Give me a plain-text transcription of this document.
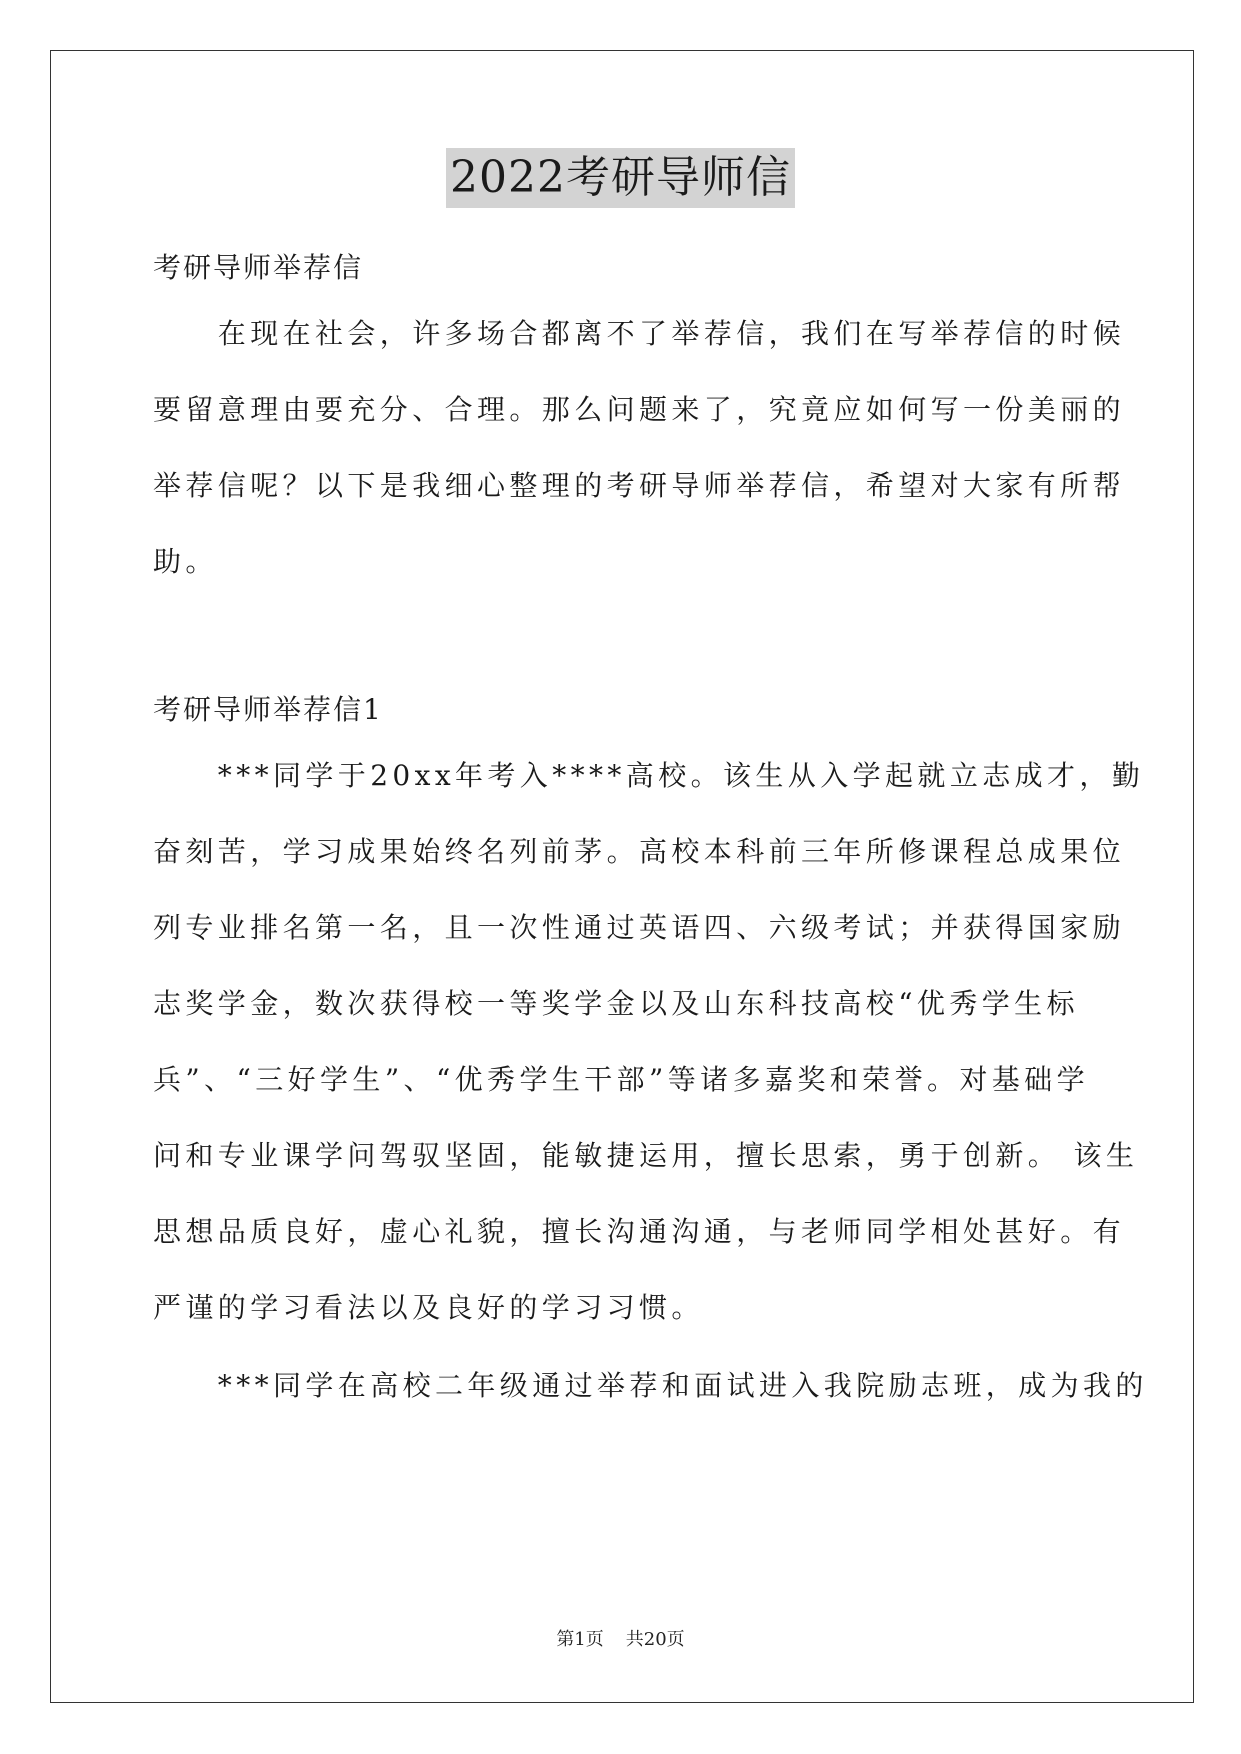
2022考研导师信
考研导师举荐信
　　在现在社会，许多场合都离不了举荐信，我们在写举荐信的时候
要留意理由要充分、合理。那么问题来了，究竟应如何写一份美丽的
举荐信呢？以下是我细心整理的考研导师举荐信，希望对大家有所帮
助。
考研导师举荐信1
　　***同学于20xx年考入****高校。该生从入学起就立志成才，勤
奋刻苦，学习成果始终名列前茅。高校本科前三年所修课程总成果位
列专业排名第一名，且一次性通过英语四、六级考试；并获得国家励
志奖学金，数次获得校一等奖学金以及山东科技高校“优秀学生标
兵”、“三好学生”、“优秀学生干部”等诸多嘉奖和荣誉。对基础学
问和专业课学问驾驭坚固，能敏捷运用，擅长思索，勇于创新。 该生
思想品质良好，虚心礼貌，擅长沟通沟通，与老师同学相处甚好。有
严谨的学习看法以及良好的学习习惯。
　　***同学在高校二年级通过举荐和面试进入我院励志班，成为我的
第1页 共20页
